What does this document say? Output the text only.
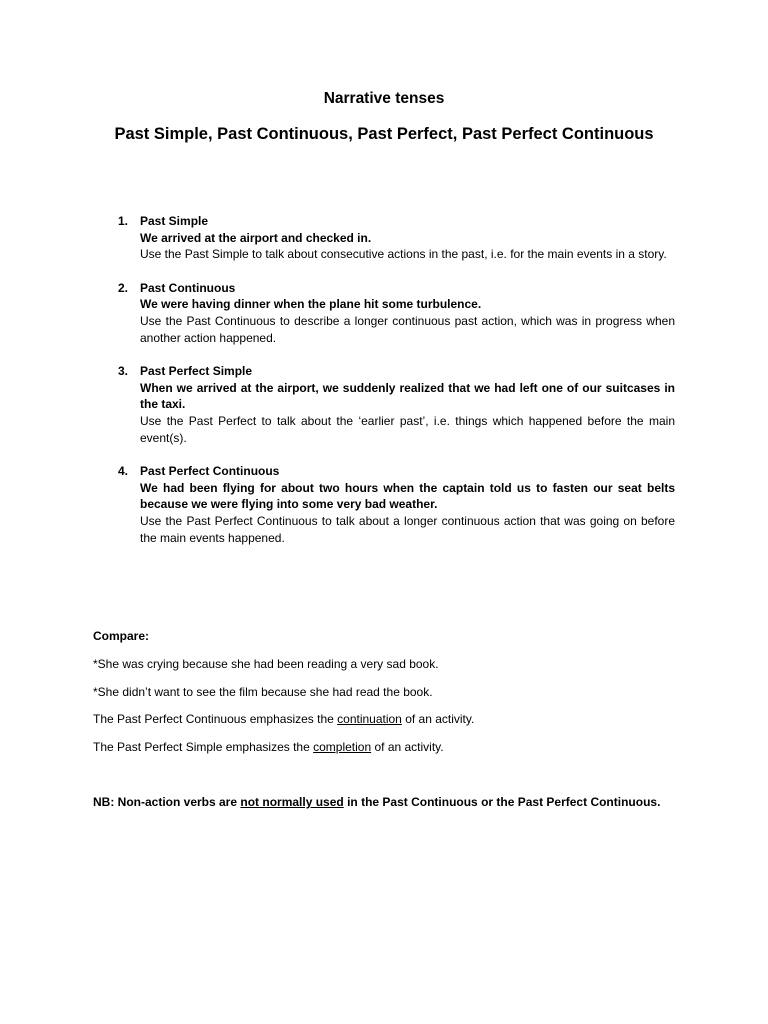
Narrative tenses
Past Simple, Past Continuous, Past Perfect, Past Perfect Continuous
1. Past Simple
We arrived at the airport and checked in.
Use the Past Simple to talk about consecutive actions in the past, i.e. for the main events in a story.
2. Past Continuous
We were having dinner when the plane hit some turbulence.
Use the Past Continuous to describe a longer continuous past action, which was in progress when another action happened.
3. Past Perfect Simple
When we arrived at the airport, we suddenly realized that we had left one of our suitcases in the taxi.
Use the Past Perfect to talk about the ‘earlier past’, i.e. things which happened before the main event(s).
4. Past Perfect Continuous
We had been flying for about two hours when the captain told us to fasten our seat belts because we were flying into some very bad weather.
Use the Past Perfect Continuous to talk about a longer continuous action that was going on before the main events happened.

Compare:

*She was crying because she had been reading a very sad book.

*She didn’t want to see the film because she had read the book.

The Past Perfect Continuous emphasizes the continuation of an activity.

The Past Perfect Simple emphasizes the completion of an activity.

NB: Non-action verbs are not normally used in the Past Continuous or the Past Perfect Continuous.
